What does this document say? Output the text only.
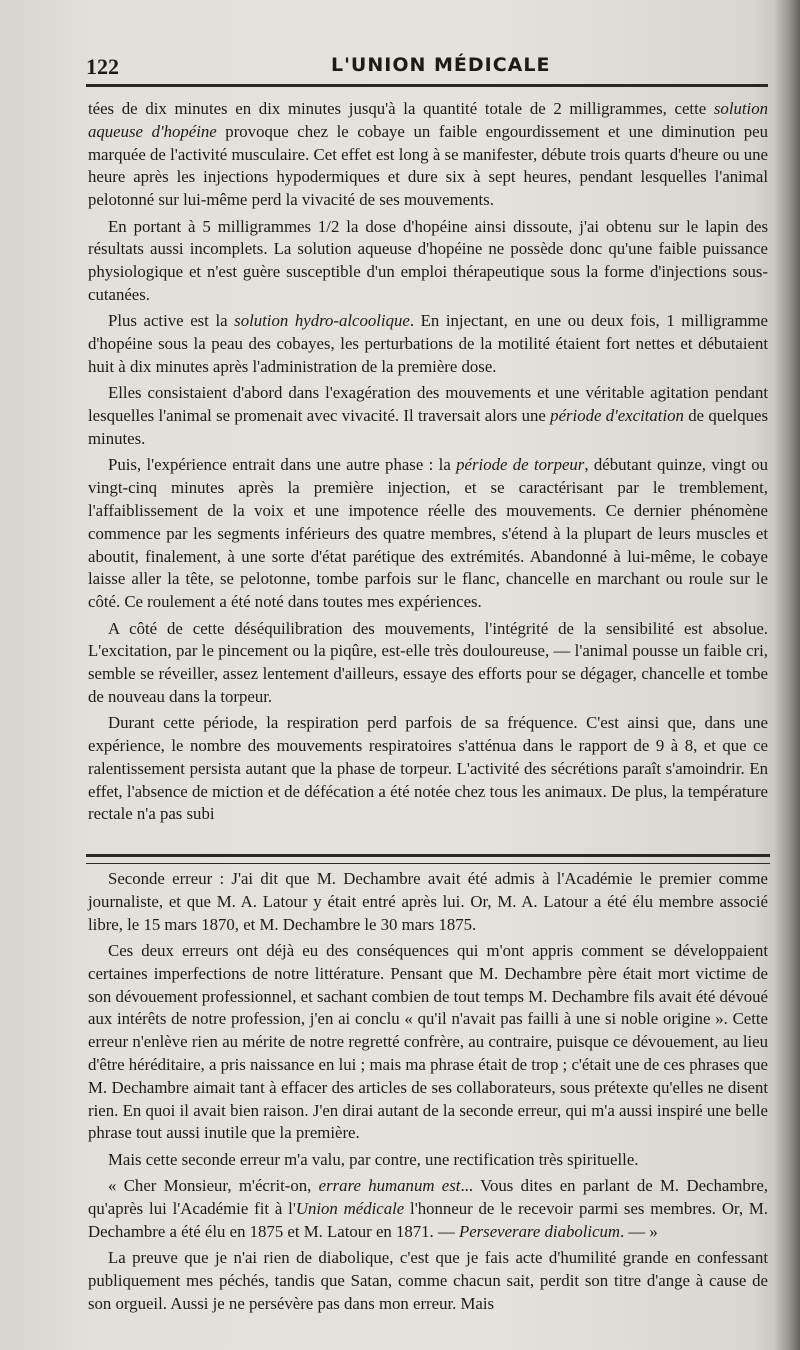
122	L'UNION MÉDICALE

tées de dix minutes en dix minutes jusqu'à la quantité totale de 2 milligrammes, cette solution aqueuse d'hopéine provoque chez le cobaye un faible engourdissement et une diminution peu marquée de l'activité musculaire. Cet effet est long à se manifester, débute trois quarts d'heure ou une heure après les injections hypodermiques et dure six à sept heures, pendant lesquelles l'animal pelotonné sur lui-même perd la vivacité de ses mouvements.

En portant à 5 milligrammes 1/2 la dose d'hopéine ainsi dissoute, j'ai obtenu sur le lapin des résultats aussi incomplets. La solution aqueuse d'hopéine ne possède donc qu'une faible puissance physiologique et n'est guère susceptible d'un emploi thérapeutique sous la forme d'injections sous-cutanées.

Plus active est la solution hydro-alcoolique. En injectant, en une ou deux fois, 1 milligramme d'hopéine sous la peau des cobayes, les perturbations de la motilité étaient fort nettes et débutaient huit à dix minutes après l'administration de la première dose.

Elles consistaient d'abord dans l'exagération des mouvements et une véritable agitation pendant lesquelles l'animal se promenait avec vivacité. Il traversait alors une période d'excitation de quelques minutes.

Puis, l'expérience entrait dans une autre phase : la période de torpeur, débutant quinze, vingt ou vingt-cinq minutes après la première injection, et se caractérisant par le tremblement, l'affaiblissement de la voix et une impotence réelle des mouvements. Ce dernier phénomène commence par les segments inférieurs des quatre membres, s'étend à la plupart de leurs muscles et aboutit, finalement, à une sorte d'état parétique des extrémités. Abandonné à lui-même, le cobaye laisse aller la tête, se pelotonne, tombe parfois sur le flanc, chancelle en marchant ou roule sur le côté. Ce roulement a été noté dans toutes mes expériences.

A côté de cette déséquilibration des mouvements, l'intégrité de la sensibilité est absolue. L'excitation, par le pincement ou la piqûre, est-elle très douloureuse, — l'animal pousse un faible cri, semble se réveiller, assez lentement d'ailleurs, essaye des efforts pour se dégager, chancelle et tombe de nouveau dans la torpeur.

Durant cette période, la respiration perd parfois de sa fréquence. C'est ainsi que, dans une expérience, le nombre des mouvements respiratoires s'atténua dans le rapport de 9 à 8, et que ce ralentissement persista autant que la phase de torpeur. L'activité des sécrétions paraît s'amoindrir. En effet, l'absence de miction et de défécation a été notée chez tous les animaux. De plus, la température rectale n'a pas subi

Seconde erreur : J'ai dit que M. Dechambre avait été admis à l'Académie le premier comme journaliste, et que M. A. Latour y était entré après lui. Or, M. A. Latour a été élu membre associé libre, le 15 mars 1870, et M. Dechambre le 30 mars 1875.

Ces deux erreurs ont déjà eu des conséquences qui m'ont appris comment se développaient certaines imperfections de notre littérature. Pensant que M. Dechambre père était mort victime de son dévouement professionnel, et sachant combien de tout temps M. Dechambre fils avait été dévoué aux intérêts de notre profession, j'en ai conclu « qu'il n'avait pas failli à une si noble origine ». Cette erreur n'enlève rien au mérite de notre regretté confrère, au contraire, puisque ce dévouement, au lieu d'être héréditaire, a pris naissance en lui ; mais ma phrase était de trop ; c'était une de ces phrases que M. Dechambre aimait tant à effacer des articles de ses collaborateurs, sous prétexte qu'elles ne disent rien. En quoi il avait bien raison. J'en dirai autant de la seconde erreur, qui m'a aussi inspiré une belle phrase tout aussi inutile que la première.

Mais cette seconde erreur m'a valu, par contre, une rectification très spirituelle.

« Cher Monsieur, m'écrit-on, errare humanum est... Vous dites en parlant de M. Dechambre, qu'après lui l'Académie fit à l'Union médicale l'honneur de le recevoir parmi ses membres. Or, M. Dechambre a été élu en 1875 et M. Latour en 1871. — Perseverare diabolicum. — »

La preuve que je n'ai rien de diabolique, c'est que je fais acte d'humilité grande en confessant publiquement mes péchés, tandis que Satan, comme chacun sait, perdit son titre d'ange à cause de son orgueil. Aussi je ne persévère pas dans mon erreur. Mais
